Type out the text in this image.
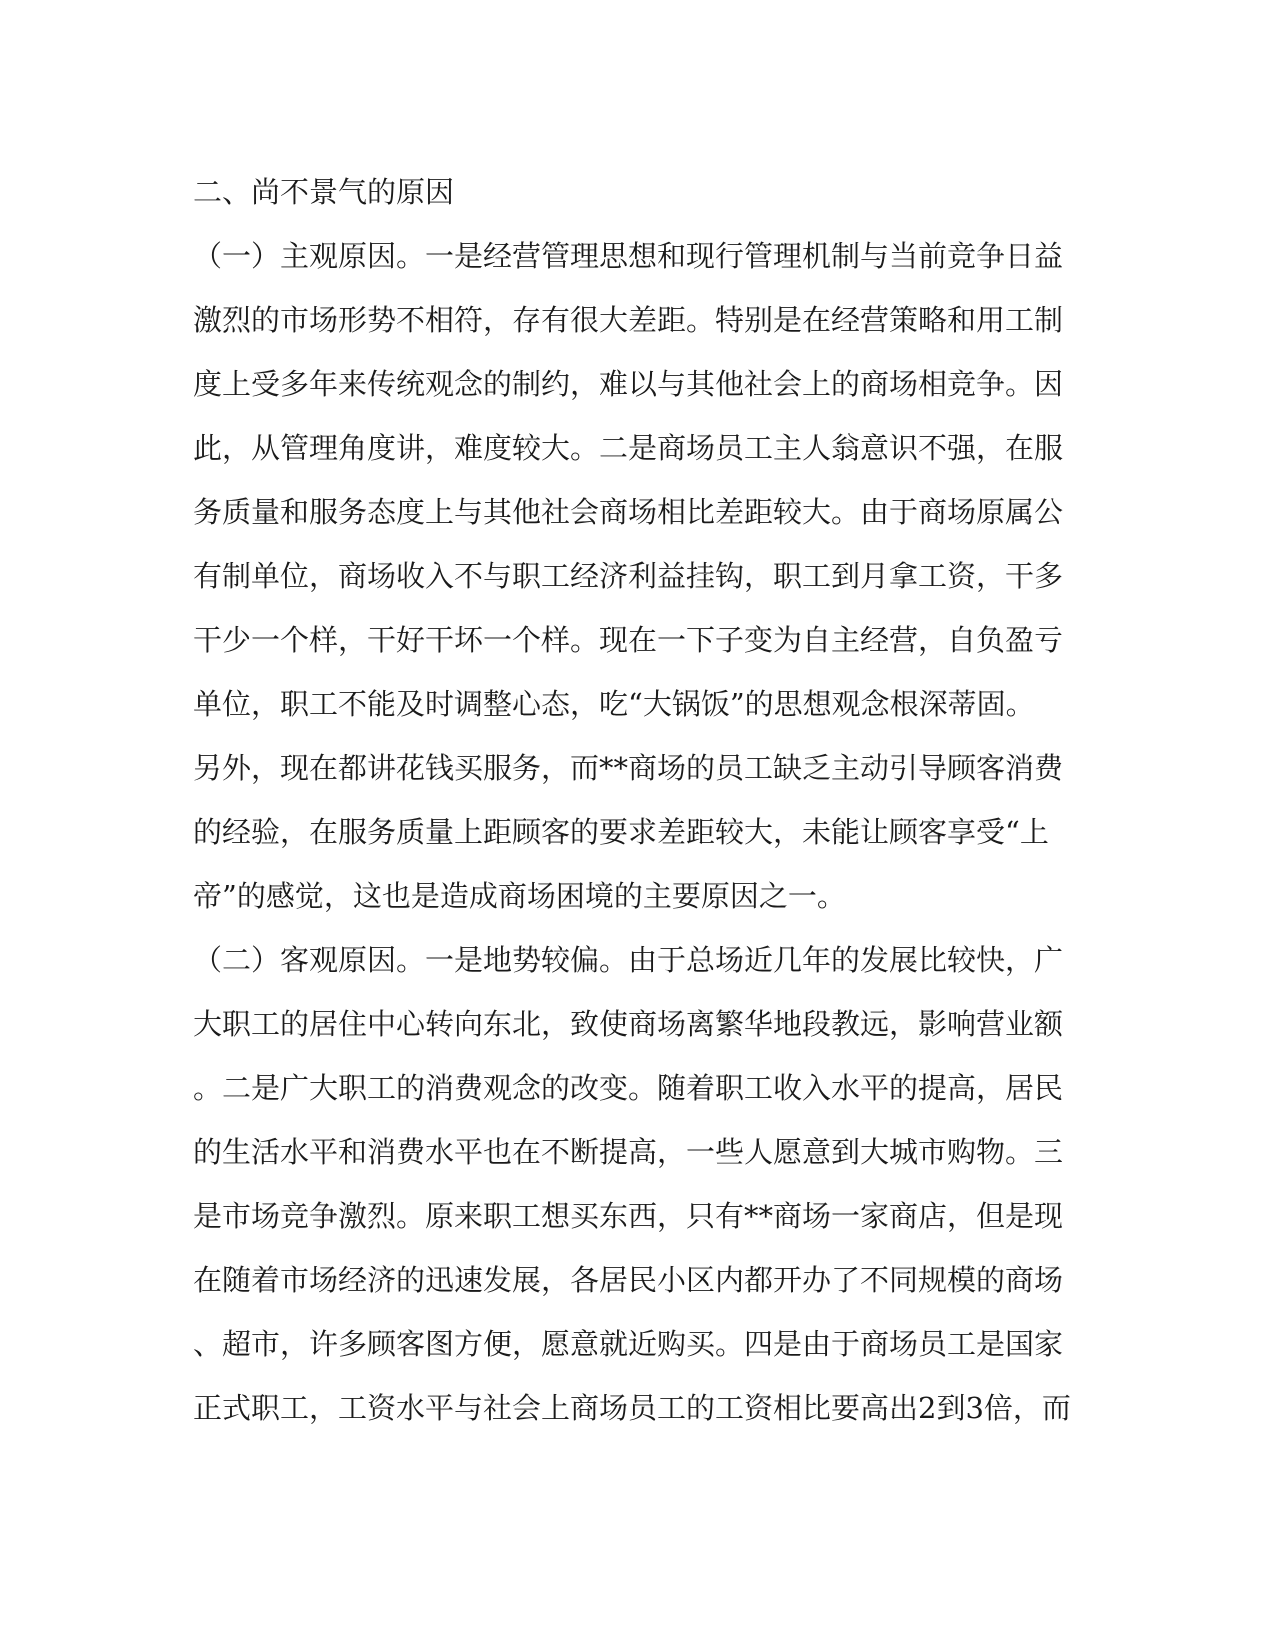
二、尚不景气的原因
（一）主观原因。一是经营管理思想和现行管理机制与当前竞争日益
激烈的市场形势不相符，存有很大差距。特别是在经营策略和用工制
度上受多年来传统观念的制约，难以与其他社会上的商场相竞争。因
此，从管理角度讲，难度较大。二是商场员工主人翁意识不强，在服
务质量和服务态度上与其他社会商场相比差距较大。由于商场原属公
有制单位，商场收入不与职工经济利益挂钩，职工到月拿工资，干多
干少一个样，干好干坏一个样。现在一下子变为自主经营，自负盈亏
单位，职工不能及时调整心态，吃“大锅饭”的思想观念根深蒂固。
另外，现在都讲花钱买服务，而**商场的员工缺乏主动引导顾客消费
的经验，在服务质量上距顾客的要求差距较大，未能让顾客享受“上
帝”的感觉，这也是造成商场困境的主要原因之一。
（二）客观原因。一是地势较偏。由于总场近几年的发展比较快，广
大职工的居住中心转向东北，致使商场离繁华地段教远，影响营业额
。二是广大职工的消费观念的改变。随着职工收入水平的提高，居民
的生活水平和消费水平也在不断提高，一些人愿意到大城市购物。三
是市场竞争激烈。原来职工想买东西，只有**商场一家商店，但是现
在随着市场经济的迅速发展，各居民小区内都开办了不同规模的商场
、超市，许多顾客图方便，愿意就近购买。四是由于商场员工是国家
正式职工，工资水平与社会上商场员工的工资相比要高出2到3倍，而
